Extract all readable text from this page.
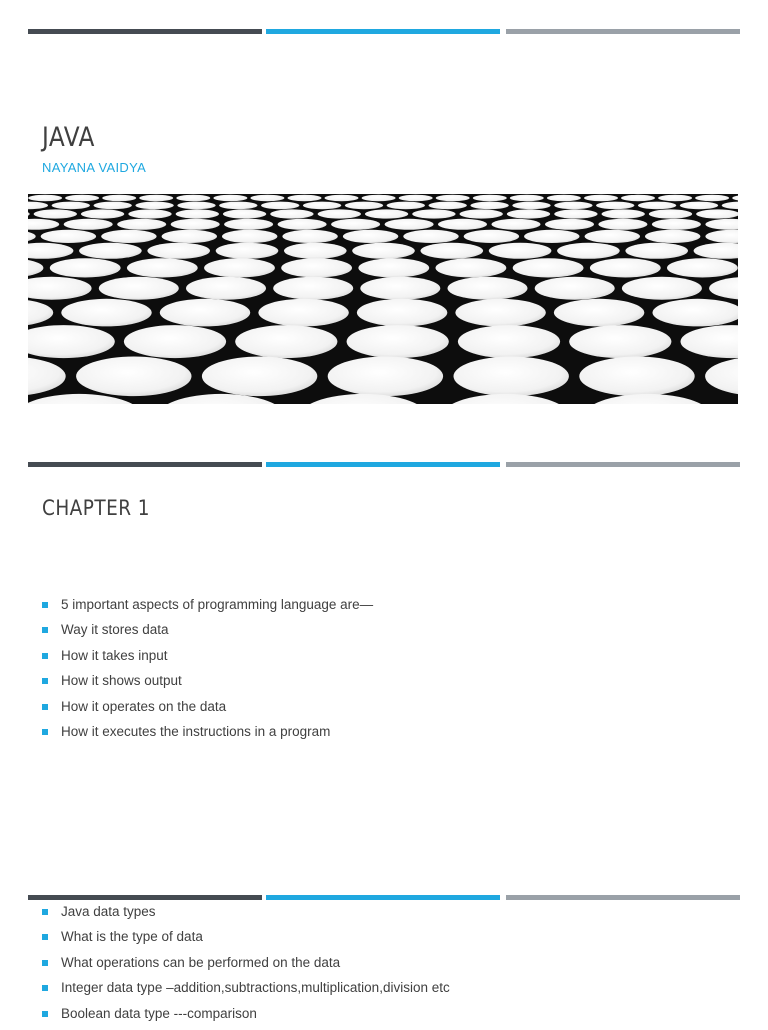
JAVA
NAYANA VAIDYA
CHAPTER 1
5 important aspects of programming language are—
Way it stores data
How it takes input
How it shows output
How it operates on the data
How it executes the instructions in a program
Java data types
What is the type of data
What operations can be performed on the data
Integer data type –addition,subtractions,multiplication,division etc
Boolean data type ---comparison
